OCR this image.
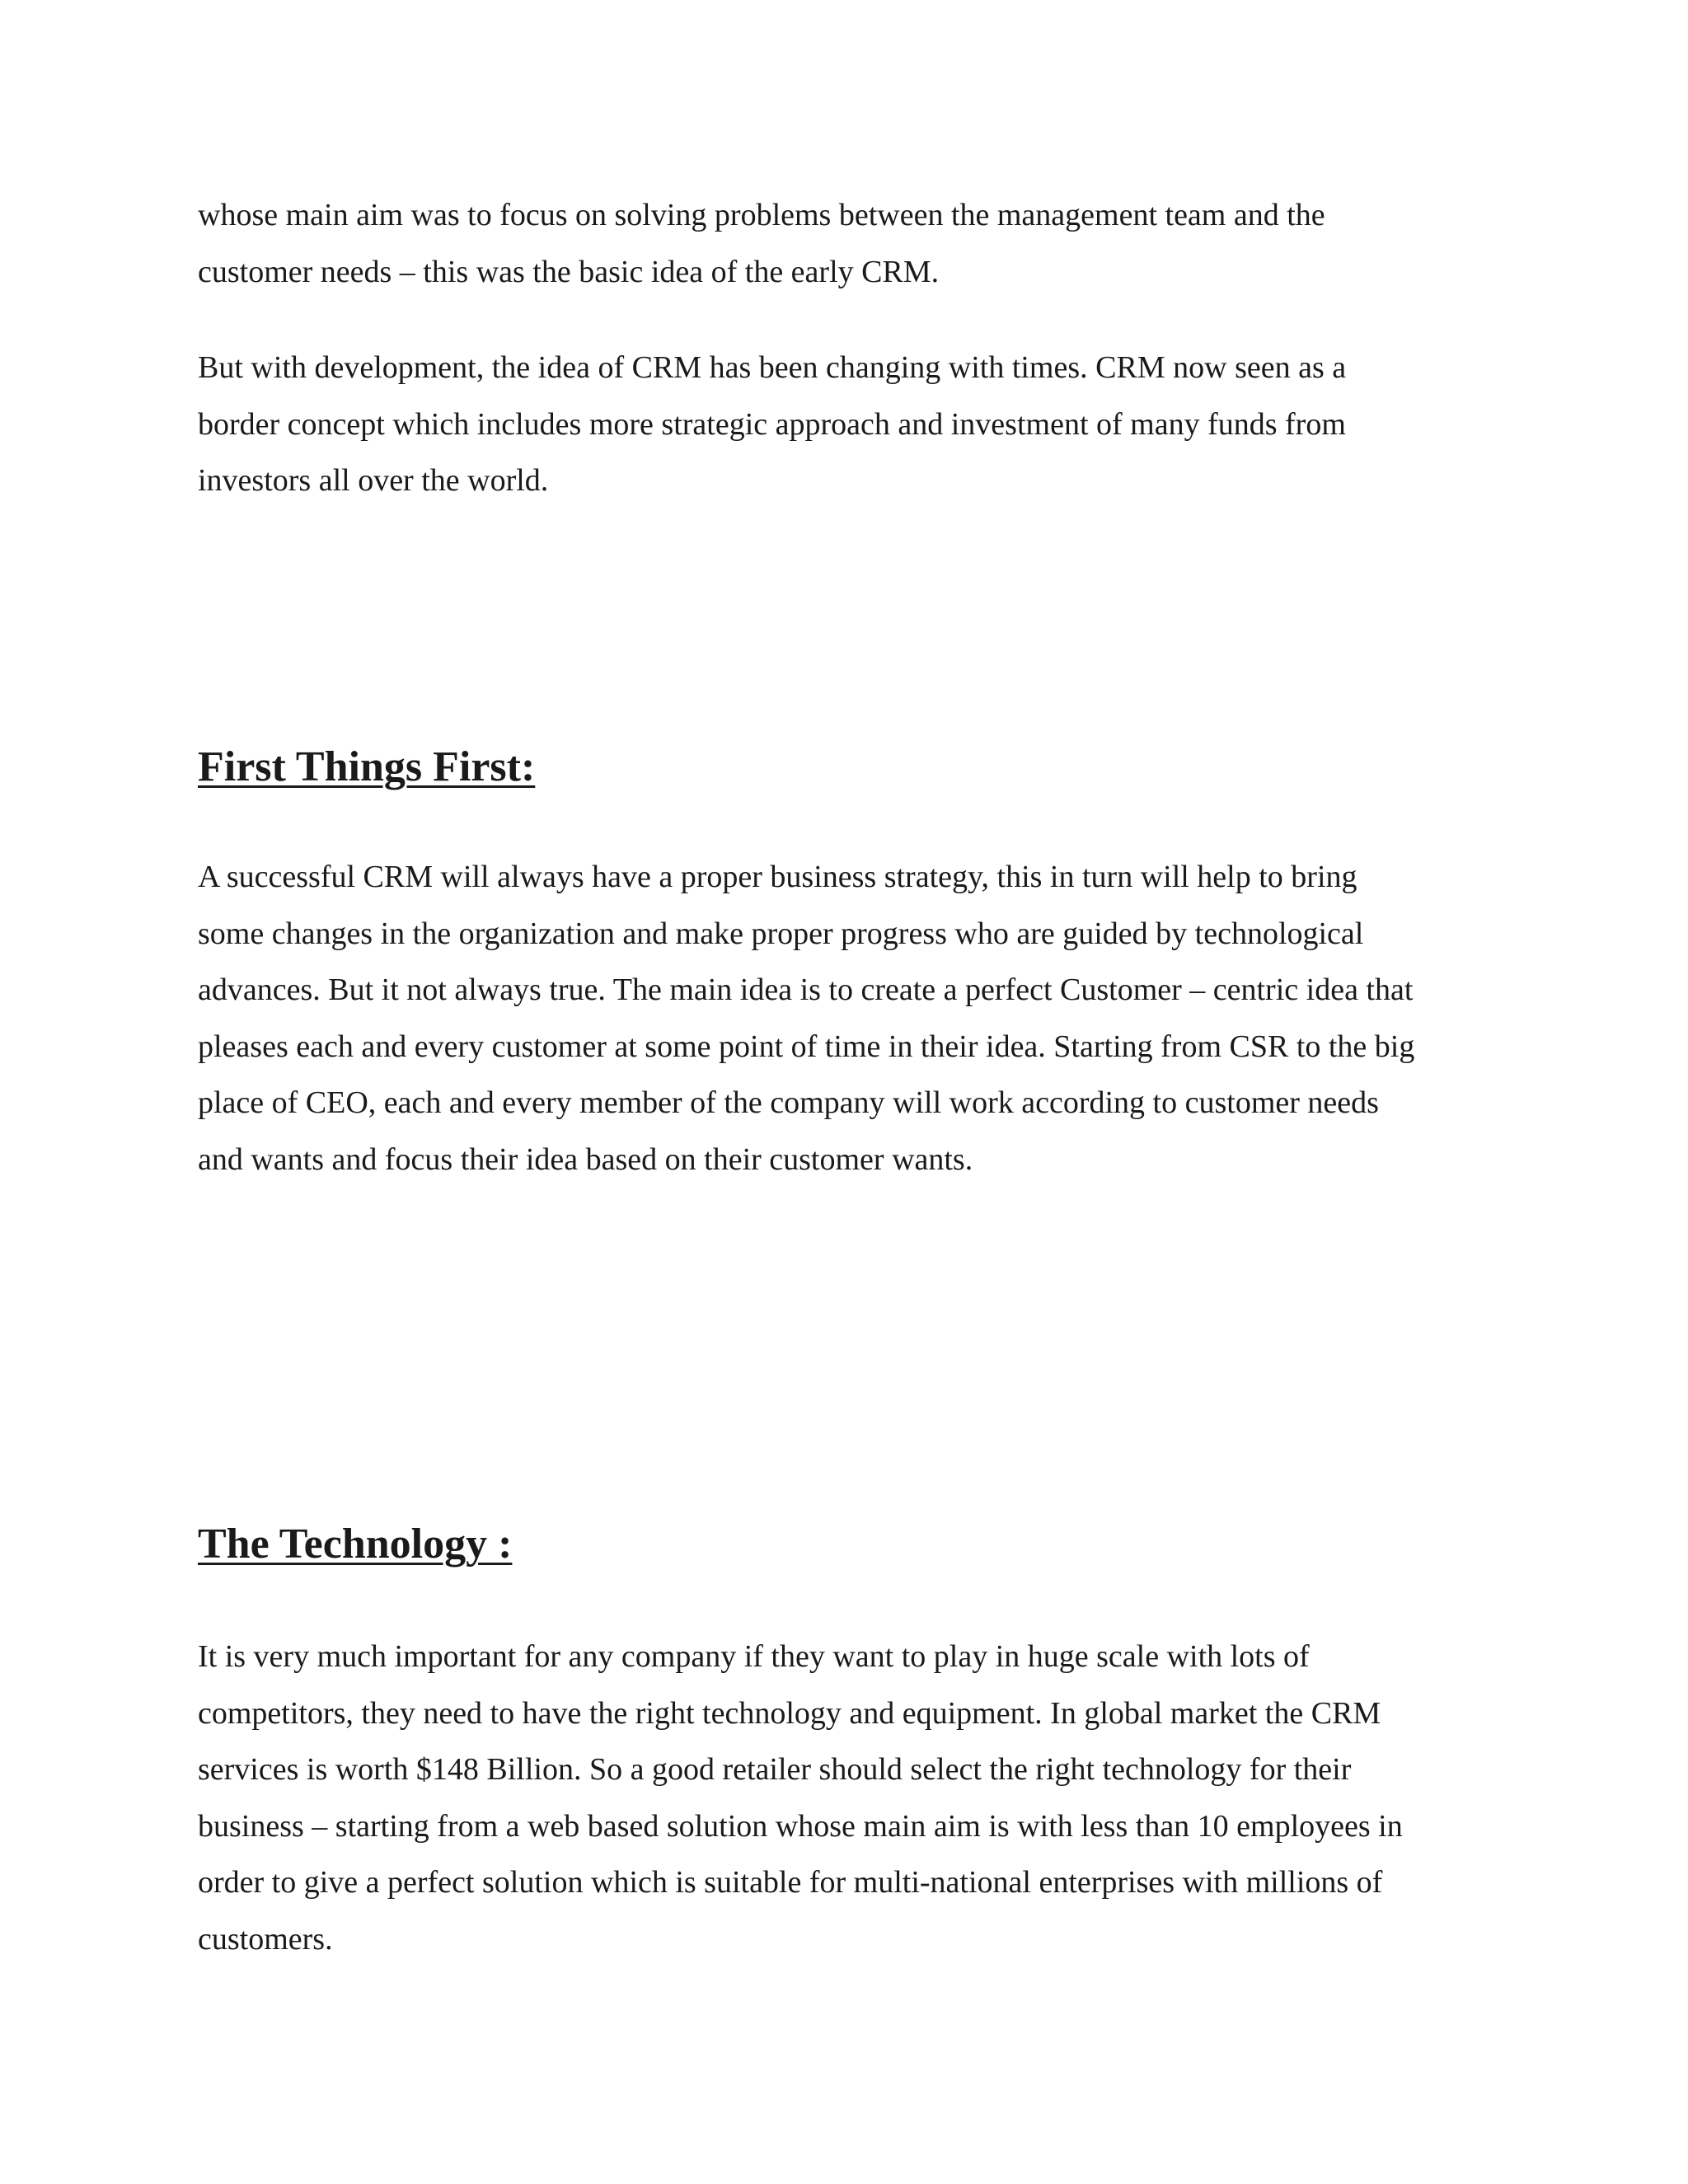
whose main aim was to focus on solving problems between the management team and the
customer needs – this was the basic idea of the early CRM.

But with development, the idea of CRM has been changing with times. CRM now seen as a
border concept which includes more strategic approach and investment of many funds from
investors all over the world.

First Things First:

A successful CRM will always have a proper business strategy, this in turn will help to bring
some changes in the organization and make proper progress who are guided by technological
advances. But it not always true. The main idea is to create a perfect Customer – centric idea that
pleases each and every customer at some point of time in their idea. Starting from CSR to the big
place of CEO, each and every member of the company will work according to customer needs
and wants and focus their idea based on their customer wants.

The Technology :

It is very much important for any company if they want to play in huge scale with lots of
competitors, they need to have the right technology and equipment. In global market the CRM
services is worth $148 Billion. So a good retailer should select the right technology for their
business – starting from a web based solution whose main aim is with less than 10 employees in
order to give a perfect solution which is suitable for multi-national enterprises with millions of
customers.
